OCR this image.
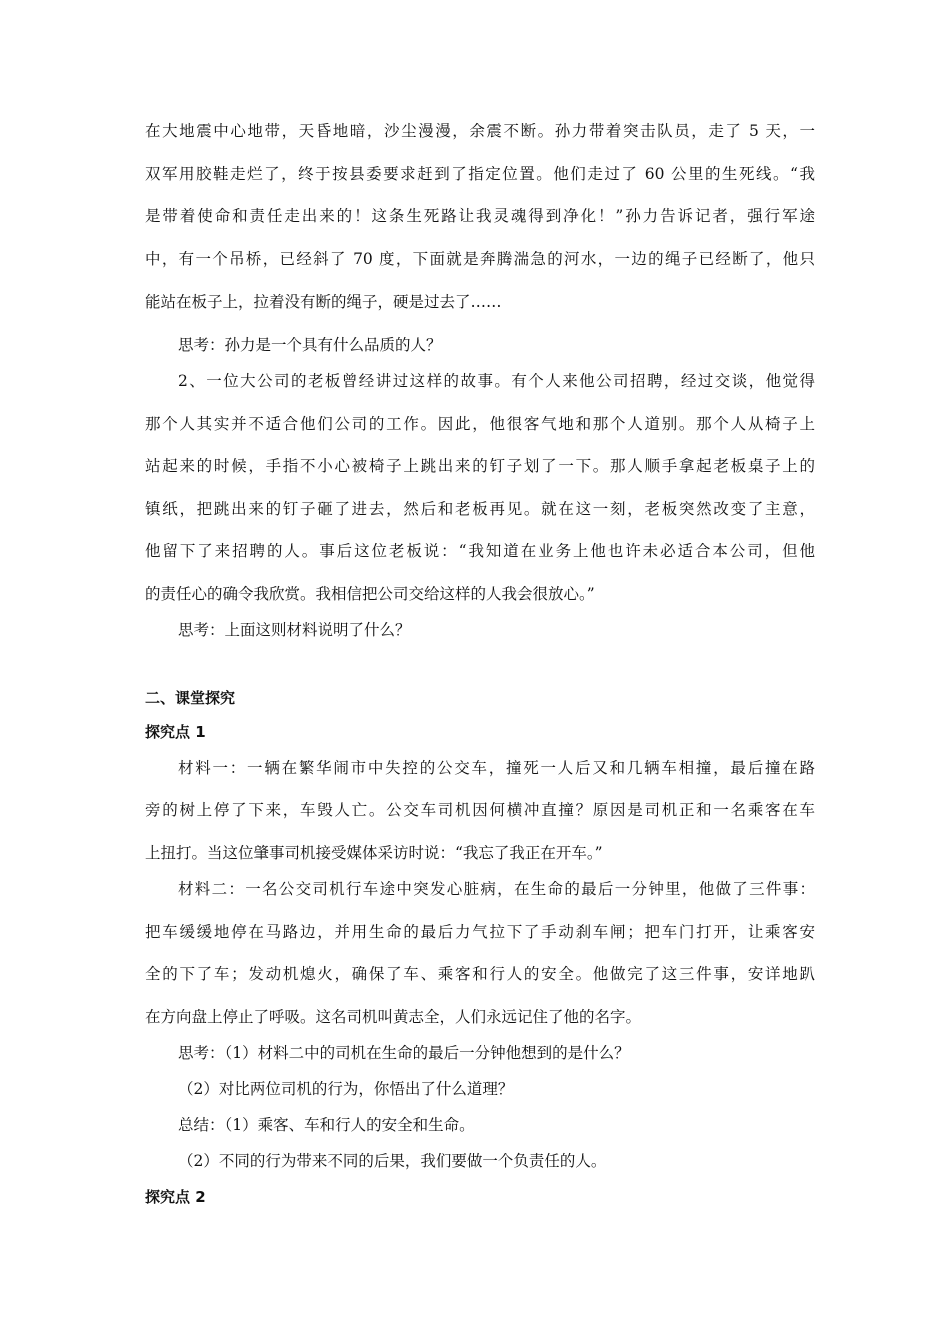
在大地震中心地带，天昏地暗，沙尘漫漫，余震不断。孙力带着突击队员，走了 5 天，一
双军用胶鞋走烂了，终于按县委要求赶到了指定位置。他们走过了 60 公里的生死线。“我
是带着使命和责任走出来的！这条生死路让我灵魂得到净化！”孙力告诉记者，强行军途
中，有一个吊桥，已经斜了 70 度，下面就是奔腾湍急的河水，一边的绳子已经断了，他只
能站在板子上，拉着没有断的绳子，硬是过去了……
思考：孙力是一个具有什么品质的人？
2、一位大公司的老板曾经讲过这样的故事。有个人来他公司招聘，经过交谈，他觉得
那个人其实并不适合他们公司的工作。因此，他很客气地和那个人道别。那个人从椅子上
站起来的时候，手指不小心被椅子上跳出来的钉子划了一下。那人顺手拿起老板桌子上的
镇纸，把跳出来的钉子砸了进去，然后和老板再见。就在这一刻，老板突然改变了主意，
他留下了来招聘的人。事后这位老板说：“我知道在业务上他也许未必适合本公司，但他
的责任心的确令我欣赏。我相信把公司交给这样的人我会很放心。”
思考：上面这则材料说明了什么？
二、课堂探究
探究点 1
材料一：一辆在繁华闹市中失控的公交车，撞死一人后又和几辆车相撞，最后撞在路
旁的树上停了下来，车毁人亡。公交车司机因何横冲直撞？原因是司机正和一名乘客在车
上扭打。当这位肇事司机接受媒体采访时说：“我忘了我正在开车。”
材料二：一名公交司机行车途中突发心脏病，在生命的最后一分钟里，他做了三件事：
把车缓缓地停在马路边，并用生命的最后力气拉下了手动刹车闸；把车门打开，让乘客安
全的下了车；发动机熄火，确保了车、乘客和行人的安全。他做完了这三件事，安详地趴
在方向盘上停止了呼吸。这名司机叫黄志全，人们永远记住了他的名字。
思考：（1）材料二中的司机在生命的最后一分钟他想到的是什么？
（2）对比两位司机的行为，你悟出了什么道理？
总结：（1）乘客、车和行人的安全和生命。
（2）不同的行为带来不同的后果，我们要做一个负责任的人。
探究点 2
